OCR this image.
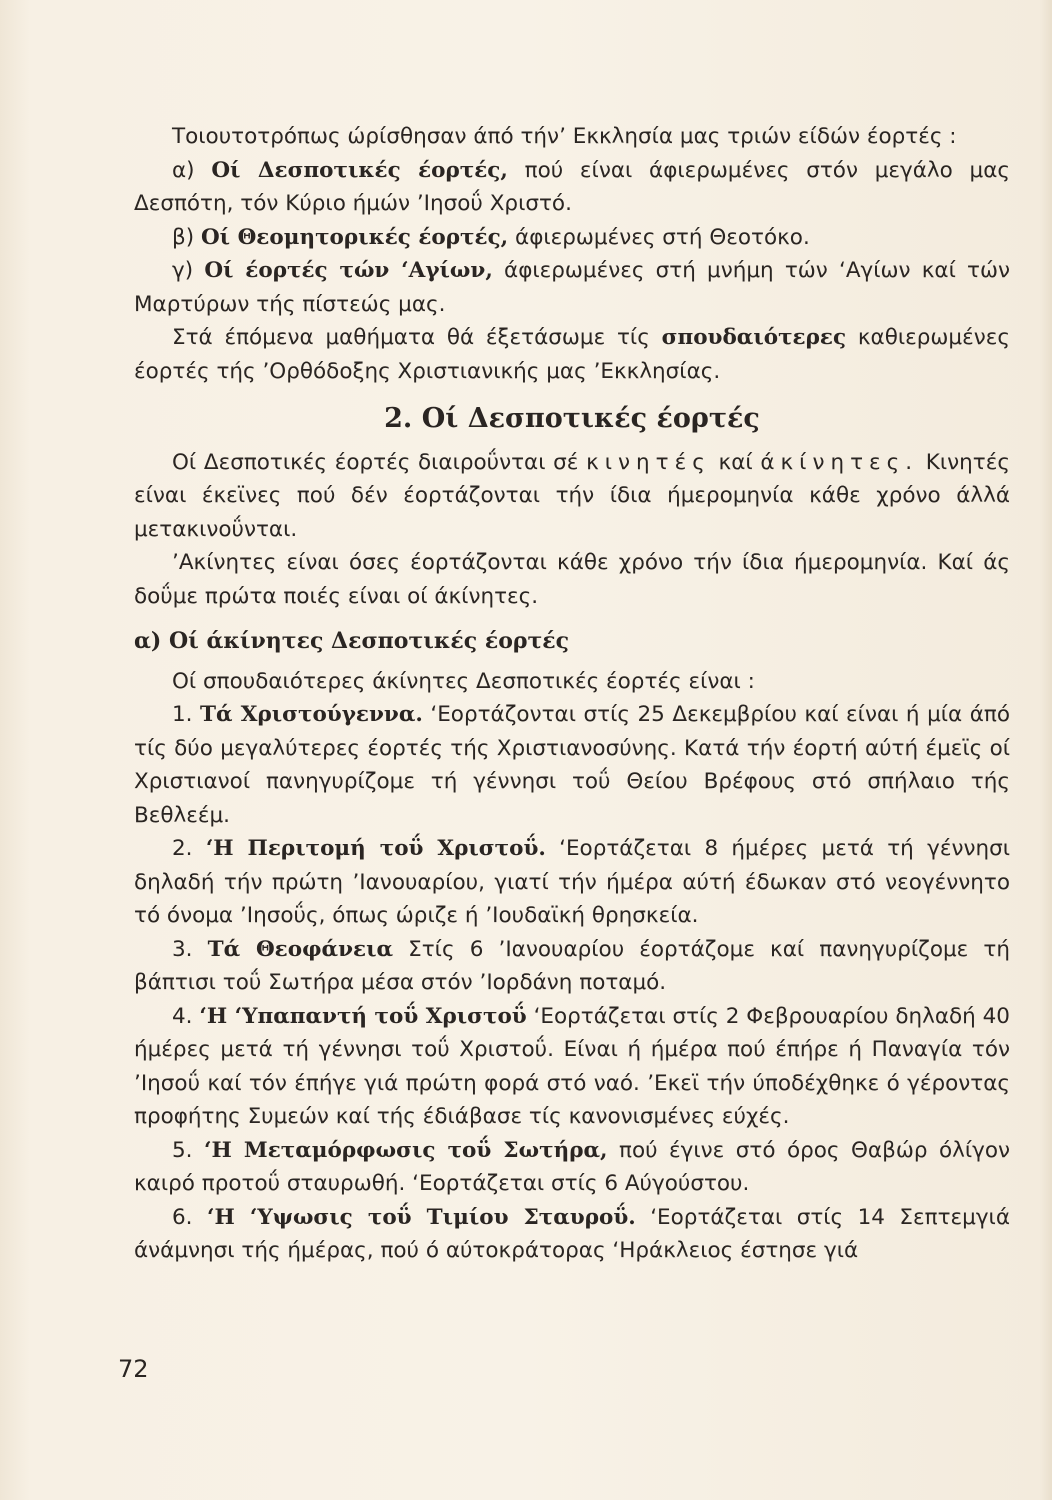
Τοιουτοτρόπως ώρίσθησαν άπό τήν’ Εκκλησία μας τριών είδών έορτές :

α) Οί Δεσποτικές έορτές, πού είναι άφιερωμένες στόν μεγάλο μας Δεσπότη, τόν Κύριο ήμών ’Ιησοΰ Χριστό.

β) Οί Θεομητορικές έορτές, άφιερωμένες στή Θεοτόκο.

γ) Οί έορτές τών ‘Αγίων, άφιερωμένες στή μνήμη τών ‘Αγίων καί τών Μαρτύρων τής πίστεώς μας.

Στά έπόμενα μαθήματα θά έξετάσωμε τίς σπουδαιότερες καθιερωμένες έορτές τής ’Ορθόδοξης Χριστιανικής μας ’Εκκλησίας.

2. Οί Δεσποτικές έορτές

Οί Δεσποτικές έορτές διαιροΰνται σέ κινητές καί άκίνητες. Κινητές είναι έκεϊνες πού δέν έορτάζονται τήν ίδια ήμερομηνία κάθε χρόνο άλλά μετακινοΰνται.

’Ακίνητες είναι όσες έορτάζονται κάθε χρόνο τήν ίδια ήμερομηνία. Καί άς δοΰμε πρώτα ποιές είναι οί άκίνητες.

α) Οί άκίνητες Δεσποτικές έορτές

Οί σπουδαιότερες άκίνητες Δεσποτικές έορτές είναι :

1. Τά Χριστούγεννα. ‘Εορτάζονται στίς 25 Δεκεμβρίου καί είναι ή μία άπό τίς δύο μεγαλύτερες έορτές τής Χριστιανοσύνης. Κατά τήν έορτή αύτή έμεϊς οί Χριστιανοί πανηγυρίζομε τή γέννησι τοΰ Θείου Βρέφους στό σπήλαιο τής Βεθλεέμ.

2. ‘Η Περιτομή τοΰ Χριστοΰ. ‘Εορτάζεται 8 ήμέρες μετά τή γέννησι δηλαδή τήν πρώτη ’Ιανουαρίου, γιατί τήν ήμέρα αύτή έδωκαν στό νεογέννητο τό όνομα ’Ιησοΰς, όπως ώριζε ή ’Ιουδαϊκή θρησκεία.

3. Τά Θεοφάνεια Στίς 6 ’Ιανουαρίου έορτάζομε καί πανηγυρίζομε τή βάπτισι τοΰ Σωτήρα μέσα στόν ’Ιορδάνη ποταμό.

4. ‘Η ‘Υπαπαντή τοΰ Χριστοΰ ‘Εορτάζεται στίς 2 Φεβρουαρίου δηλαδή 40 ήμέρες μετά τή γέννησι τοΰ Χριστοΰ. Είναι ή ήμέρα πού έπήρε ή Παναγία τόν ’Ιησοΰ καί τόν έπήγε γιά πρώτη φορά στό ναό. ’Εκεϊ τήν ύποδέχθηκε ό γέροντας προφήτης Συμεών καί τής έδιάβασε τίς κανονισμένες εύχές.

5. ‘Η Μεταμόρφωσις τοΰ Σωτήρα, πού έγινε στό όρος Θαβώρ όλίγον καιρό προτοΰ σταυρωθή. ‘Εορτάζεται στίς 6 Αύγούστου.

6. ‘Η ‘Υψωσις τοΰ Τιμίου Σταυροΰ. ‘Εορτάζεται στίς 14 Σεπτεμγιά άνάμνησι τής ήμέρας, πού ό αύτοκράτορας ‘Ηράκλειος έστησε γιά

72
